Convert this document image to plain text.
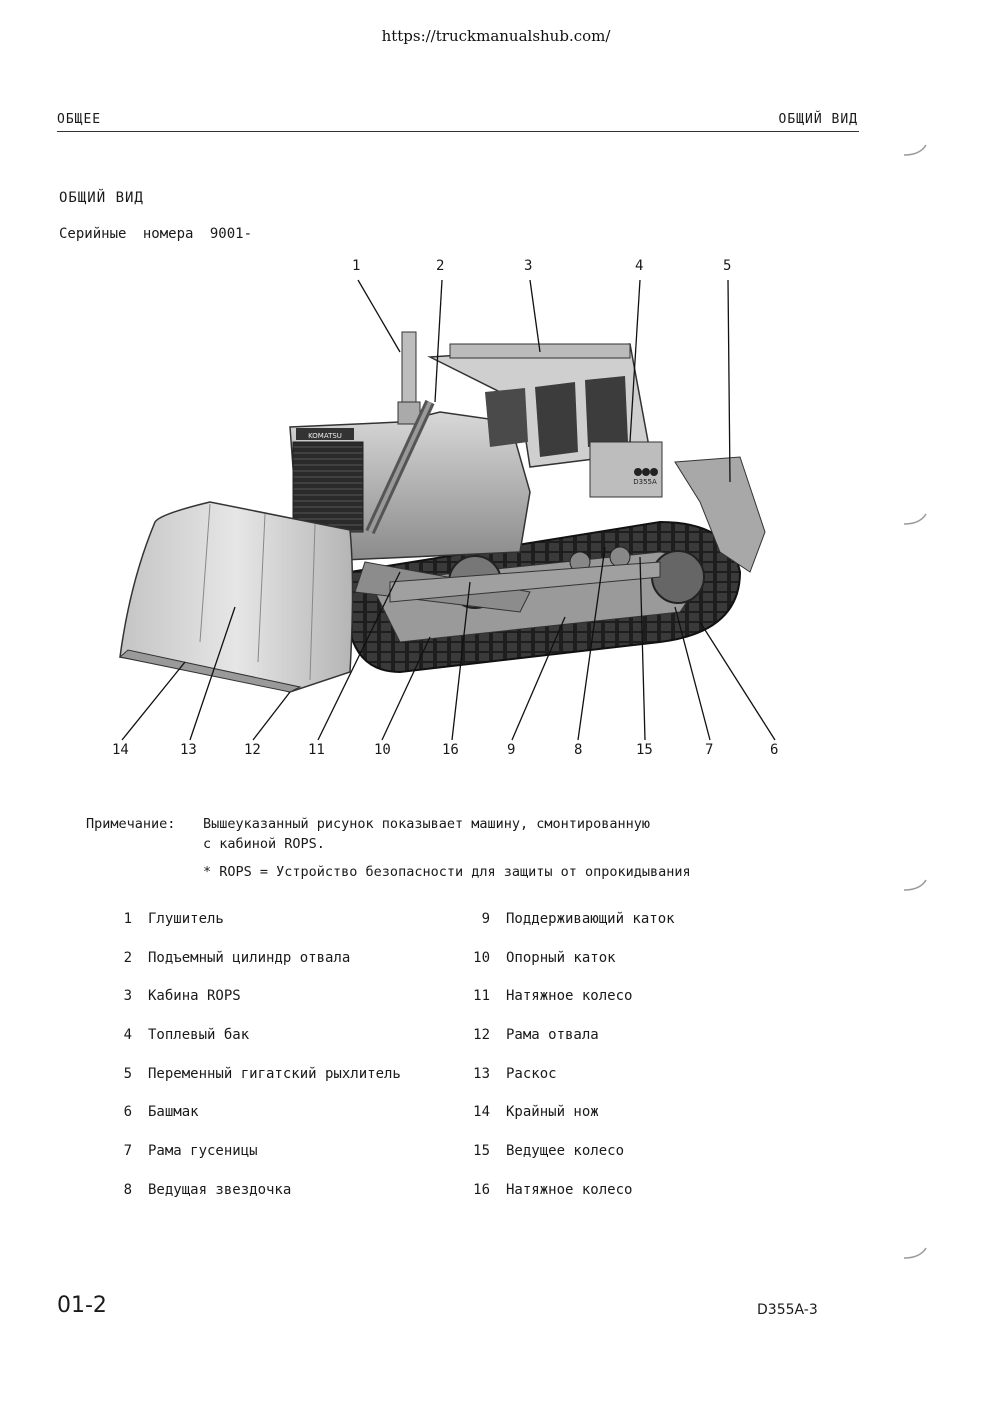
https://truckmanualshub.com/
ОБЩЕЕ	ОБЩИЙ ВИД
ОБЩИЙ ВИД
Серийные номера 9001-
KOMATSU
D355A
1	2	3	4	5
14	13	12	11	10	16	9	8	15	7	6
Примечание: Вышеуказанный рисунок показывает машину, смонтированную
с кабиной ROPS.
* ROPS = Устройство безопасности для защиты от опрокидывания
1 Глушитель
2 Подъемный цилиндр отвала
3 Кабина ROPS
4 Топлевый бак
5 Переменный гигатский рыхлитель
6 Башмак
7 Рама гусеницы
8 Ведущая звездочка
9 Поддерживающий каток
10 Опорный каток
11 Натяжное колесо
12 Рама отвала
13 Раскос
14 Крайный нож
15 Ведущее колесо
16 Натяжное колесо
01-2	D355A-3
